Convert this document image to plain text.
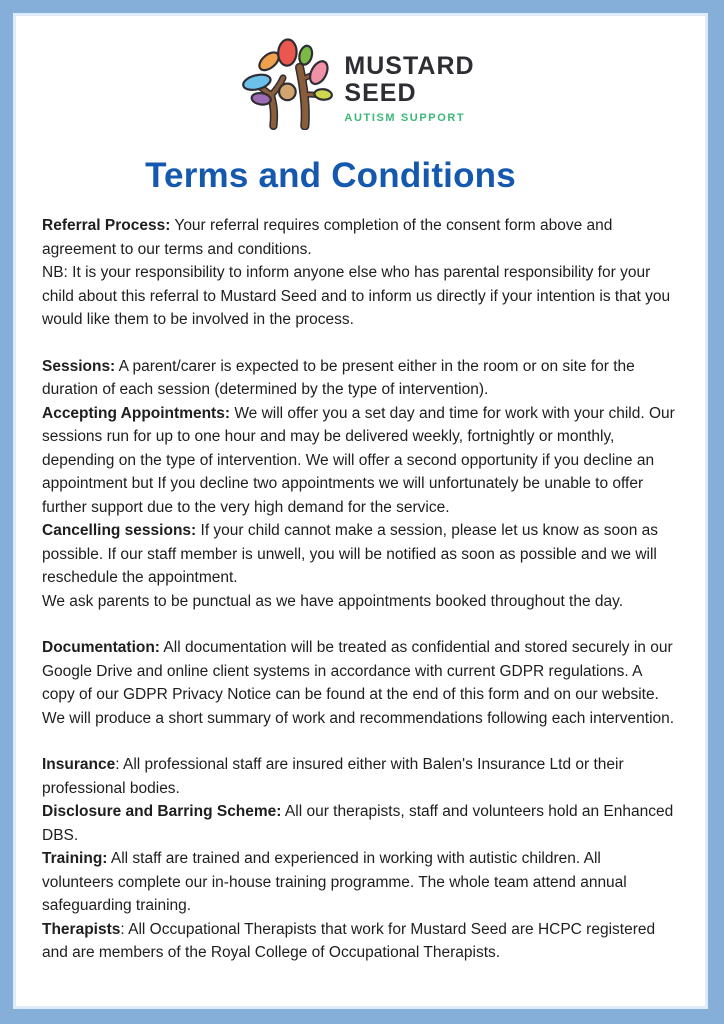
MUSTARD
SEED
AUTISM SUPPORT
Terms and Conditions

Referral Process: Your referral requires completion of the consent form above and agreement to our terms and conditions.

NB: It is your responsibility to inform anyone else who has parental responsibility for your child about this referral to Mustard Seed and to inform us directly if your intention is that you would like them to be involved in the process.

Sessions: A parent/carer is expected to be present either in the room or on site for the duration of each session (determined by the type of intervention).

Accepting Appointments: We will offer you a set day and time for work with your child. Our sessions run for up to one hour and may be delivered weekly, fortnightly or monthly, depending on the type of intervention. We will offer a second opportunity if you decline an appointment but If you decline two appointments we will unfortunately be unable to offer further support due to the very high demand for the service.

Cancelling sessions: If your child cannot make a session, please let us know as soon as possible. If our staff member is unwell, you will be notified as soon as possible and we will reschedule the appointment.

We ask parents to be punctual as we have appointments booked throughout the day.

Documentation: All documentation will be treated as confidential and stored securely in our Google Drive and online client systems in accordance with current GDPR regulations. A copy of our GDPR Privacy Notice can be found at the end of this form and on our website.

We will produce a short summary of work and recommendations following each intervention.

Insurance: All professional staff are insured either with Balen's Insurance Ltd or their professional bodies.

Disclosure and Barring Scheme: All our therapists, staff and volunteers hold an Enhanced DBS.

Training: All staff are trained and experienced in working with autistic children. All volunteers complete our in-house training programme. The whole team attend annual safeguarding training.

Therapists: All Occupational Therapists that work for Mustard Seed are HCPC registered and are members of the Royal College of Occupational Therapists.
